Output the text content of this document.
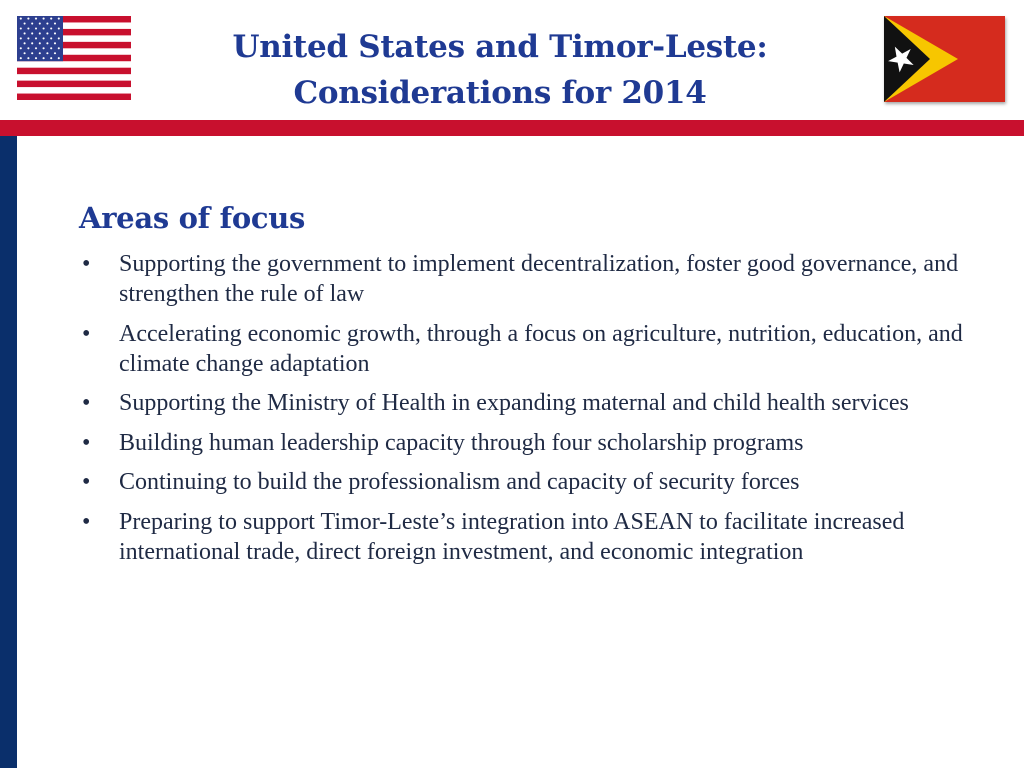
United States and Timor-Leste:
Considerations for 2014
Areas of focus
•	Supporting the government to implement decentralization, foster good governance, and strengthen the rule of law
•	Accelerating economic growth, through a focus on agriculture, nutrition, education, and climate change adaptation
•	Supporting the Ministry of Health in expanding maternal and child health services
•	Building human leadership capacity through four scholarship programs
•	Continuing to build the professionalism and capacity of security forces
•	Preparing to support Timor-Leste’s integration into ASEAN to facilitate increased international trade, direct foreign investment, and economic integration
